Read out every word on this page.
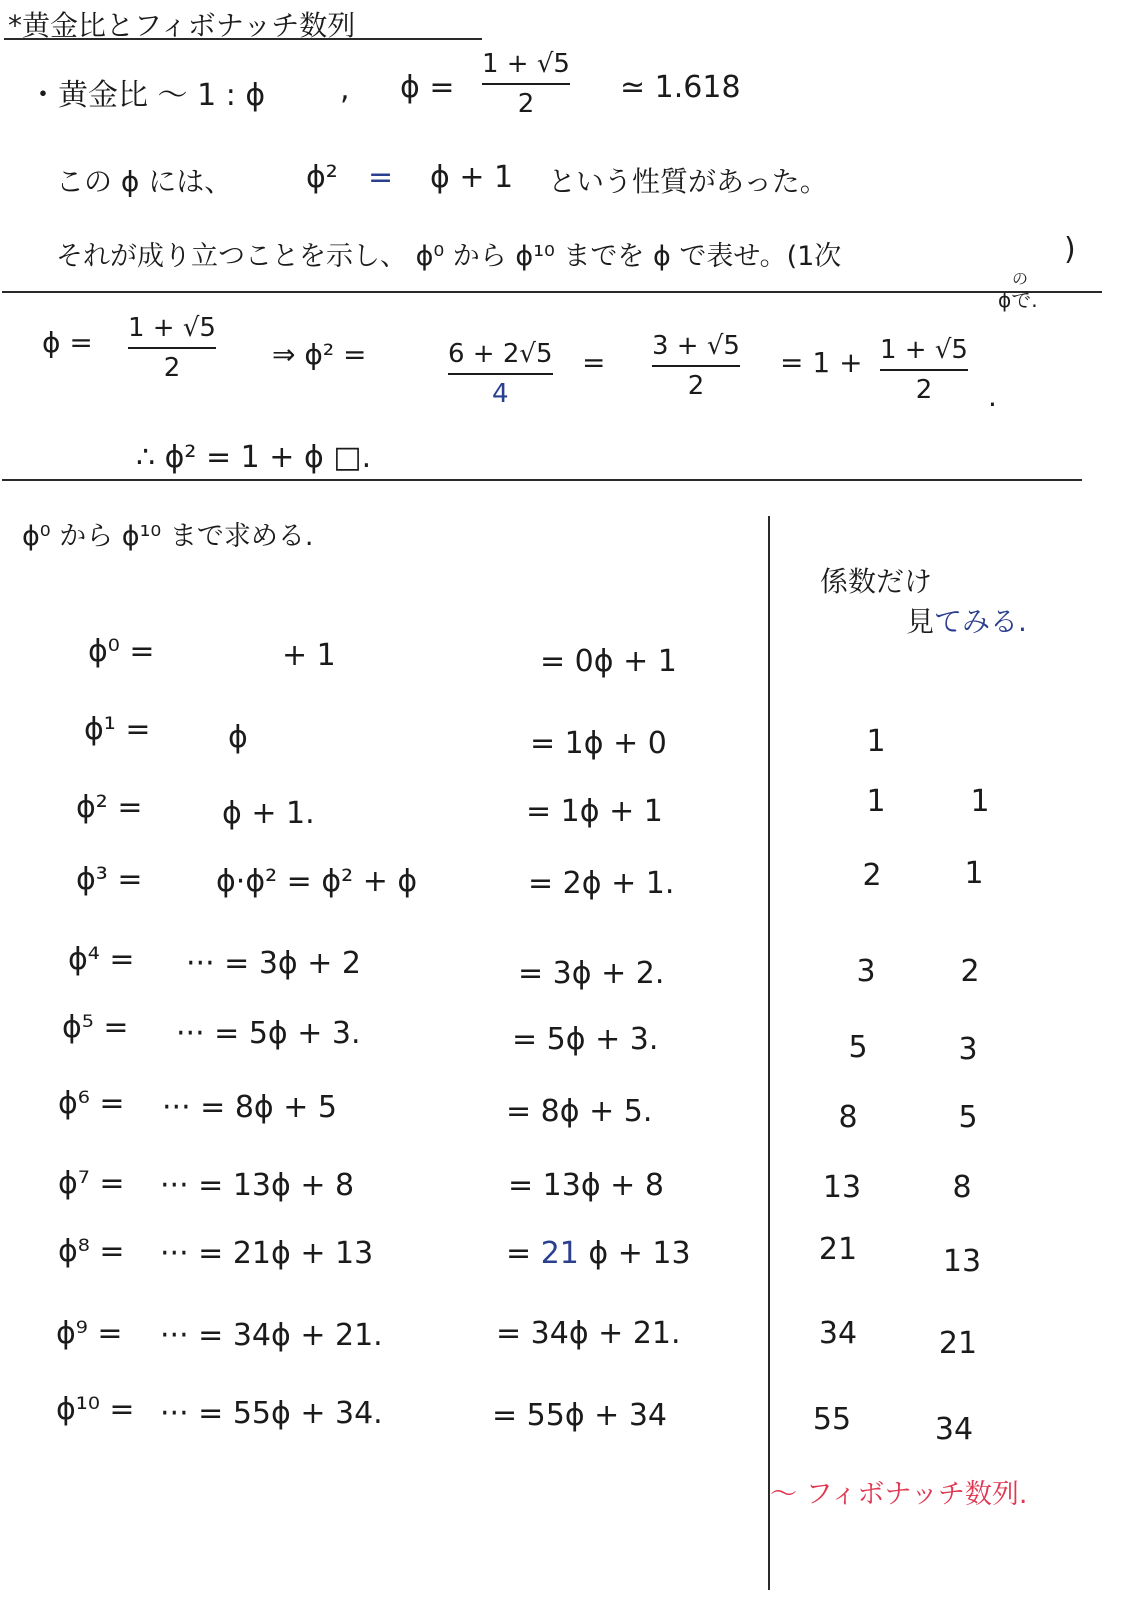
*黄金比とフィボナッチ数列
・黄金比 〜 1 : ϕ , ϕ =
1 + √5
2	≃ 1.618
この ϕ には、 ϕ² = ϕ + 1 という性質があった。
それが成り立つことを示し、 ϕ⁰ から ϕ¹⁰ までを ϕ で表せ。(1次	)
の
ϕで.
ϕ = 1 + √5
2	⇒ ϕ² =	6 + 2√5
4
= 3 + √5
2
= 1 + 1 + √5
2 .
∴ ϕ² = 1 + ϕ □.
ϕ⁰ から ϕ¹⁰ まで求める.
係数だけ
見てみる.
ϕ⁰ =	+ 1	= 0ϕ + 1
ϕ¹ =	ϕ	= 1ϕ + 0	1
ϕ² =	ϕ + 1.	= 1ϕ + 1	1	1
ϕ³ = ϕ·ϕ² = ϕ² + ϕ	= 2ϕ + 1.	2	1
ϕ⁴ = ··· = 3ϕ + 2	= 3ϕ + 2.	3	2
ϕ⁵ = ··· = 5ϕ + 3.	= 5ϕ + 3.	5	3
ϕ⁶ = ··· = 8ϕ + 5	= 8ϕ + 5.	8	5
ϕ⁷ = ··· = 13ϕ + 8	= 13ϕ + 8	13	8
ϕ⁸ = ··· = 21ϕ + 13	= 21 ϕ + 13	21	13
ϕ⁹ = ··· = 34ϕ + 21.	= 34ϕ + 21.	34	21
ϕ¹⁰ = ··· = 55ϕ + 34.	= 55ϕ + 34	55	34
〜 フィボナッチ数列.
